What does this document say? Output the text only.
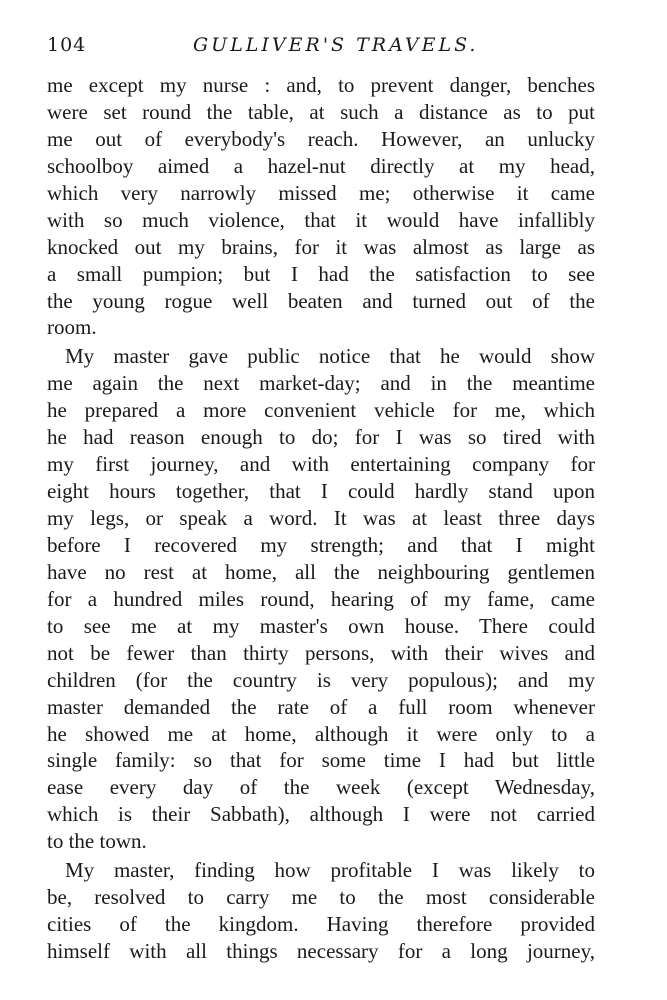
104	GULLIVER'S TRAVELS.
me except my nurse : and, to prevent danger, benches
were set round the table, at such a distance as to put
me out of everybody's reach. However, an unlucky
schoolboy aimed a hazel-nut directly at my head,
which very narrowly missed me; otherwise it came
with so much violence, that it would have infallibly
knocked out my brains, for it was almost as large as
a small pumpion; but I had the satisfaction to see
the young rogue well beaten and turned out of the
room.
My master gave public notice that he would show
me again the next market-day; and in the meantime
he prepared a more convenient vehicle for me, which
he had reason enough to do; for I was so tired with
my first journey, and with entertaining company for
eight hours together, that I could hardly stand upon
my legs, or speak a word. It was at least three days
before I recovered my strength; and that I might
have no rest at home, all the neighbouring gentlemen
for a hundred miles round, hearing of my fame, came
to see me at my master's own house. There could
not be fewer than thirty persons, with their wives and
children (for the country is very populous); and my
master demanded the rate of a full room whenever
he showed me at home, although it were only to a
single family: so that for some time I had but little
ease every day of the week (except Wednesday,
which is their Sabbath), although I were not carried
to the town.
My master, finding how profitable I was likely to
be, resolved to carry me to the most considerable
cities of the kingdom. Having therefore provided
himself with all things necessary for a long journey,
